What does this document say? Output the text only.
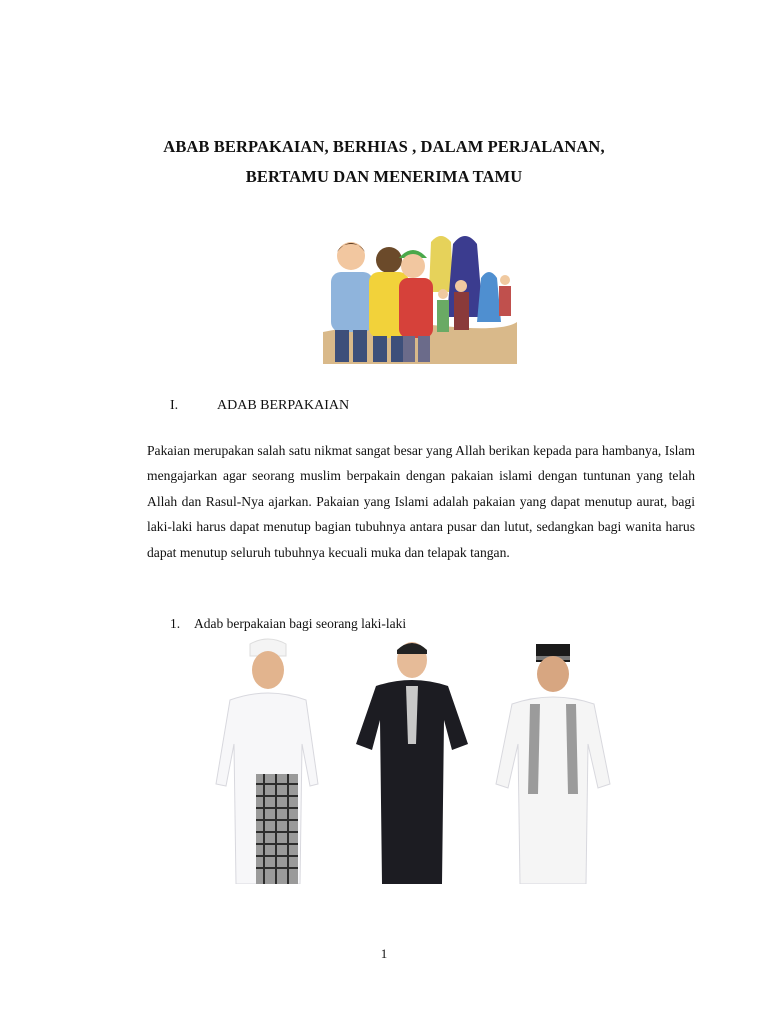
ABAB BERPAKAIAN, BERHIAS , DALAM PERJALANAN,
BERTAMU DAN MENERIMA TAMU
I.	ADAB BERPAKAIAN

Pakaian merupakan salah satu nikmat sangat besar yang Allah berikan kepada para hambanya, Islam mengajarkan agar seorang muslim berpakain dengan pakaian islami dengan tuntunan yang telah Allah dan Rasul-Nya ajarkan. Pakaian yang Islami adalah pakaian yang dapat menutup aurat, bagi laki-laki harus dapat menutup bagian tubuhnya antara pusar dan lutut, sedangkan bagi wanita harus dapat menutup seluruh tubuhnya kecuali muka dan telapak tangan.

1. Adab berpakaian bagi seorang laki-laki
1
